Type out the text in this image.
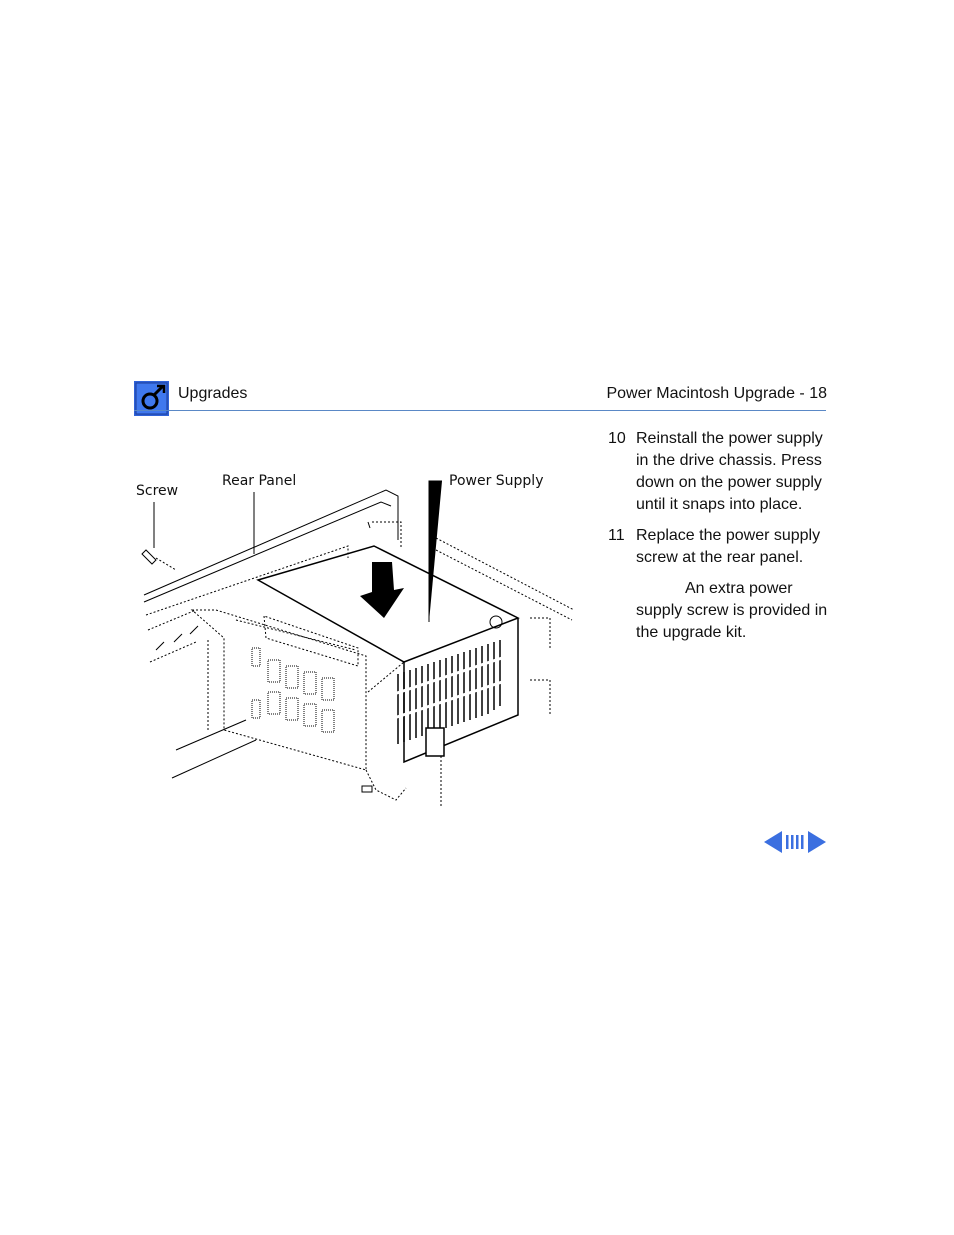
Upgrades	Power Macintosh Upgrade - 18
Screw
Rear Panel	Power Supply
10 Reinstall the power supply in the drive chassis. Press down on the power supply until it snaps into place.
11 Replace the power supply screw at the rear panel.
An extra power supply screw is provided in the upgrade kit.
